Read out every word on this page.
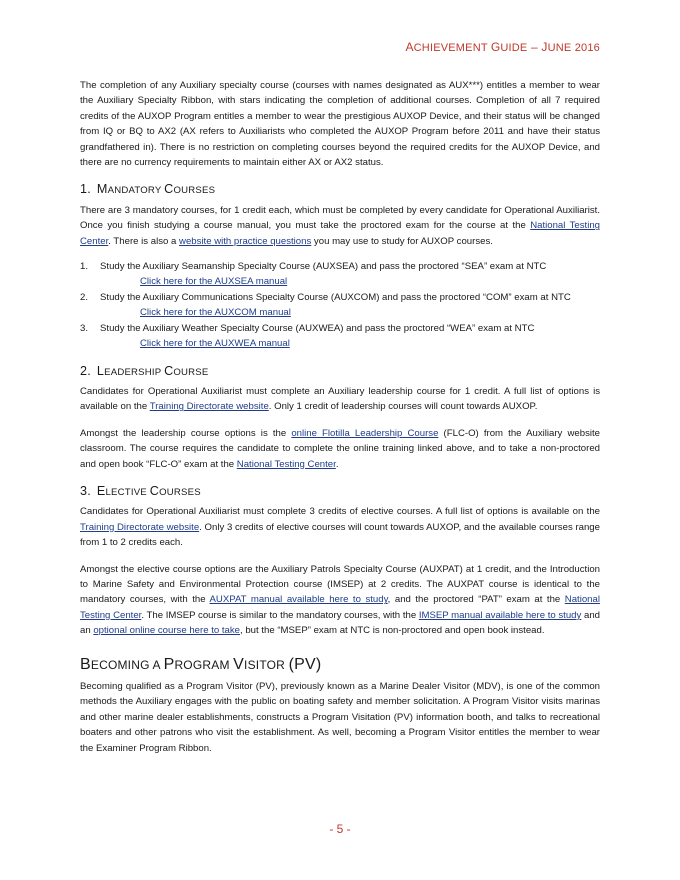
ACHIEVEMENT GUIDE – JUNE 2016

The completion of any Auxiliary specialty course (courses with names designated as AUX***) entitles a member to wear the Auxiliary Specialty Ribbon, with stars indicating the completion of additional courses. Completion of all 7 required credits of the AUXOP Program entitles a member to wear the prestigious AUXOP Device, and their status will be changed from IQ or BQ to AX2 (AX refers to Auxiliarists who completed the AUXOP Program before 2011 and have their status grandfathered in). There is no restriction on completing courses beyond the required credits for the AUXOP Device, and there are no currency requirements to maintain either AX or AX2 status.

1. MANDATORY COURSES

There are 3 mandatory courses, for 1 credit each, which must be completed by every candidate for Operational Auxiliarist. Once you finish studying a course manual, you must take the proctored exam for the course at the National Testing Center. There is also a website with practice questions you may use to study for AUXOP courses.

1.	Study the Auxiliary Seamanship Specialty Course (AUXSEA) and pass the proctored “SEA” exam at NTC
Click here for the AUXSEA manual
2.	Study the Auxiliary Communications Specialty Course (AUXCOM) and pass the proctored “COM” exam at NTC
Click here for the AUXCOM manual
3.	Study the Auxiliary Weather Specialty Course (AUXWEA) and pass the proctored “WEA” exam at NTC
Click here for the AUXWEA manual
2. LEADERSHIP COURSE

Candidates for Operational Auxiliarist must complete an Auxiliary leadership course for 1 credit. A full list of options is available on the Training Directorate website. Only 1 credit of leadership courses will count towards AUXOP.

Amongst the leadership course options is the online Flotilla Leadership Course (FLC-O) from the Auxiliary website classroom. The course requires the candidate to complete the online training linked above, and to take a non-proctored and open book “FLC-O” exam at the National Testing Center.

3. ELECTIVE COURSES

Candidates for Operational Auxiliarist must complete 3 credits of elective courses. A full list of options is available on the Training Directorate website. Only 3 credits of elective courses will count towards AUXOP, and the available courses range from 1 to 2 credits each.

Amongst the elective course options are the Auxiliary Patrols Specialty Course (AUXPAT) at 1 credit, and the Introduction to Marine Safety and Environmental Protection course (IMSEP) at 2 credits. The AUXPAT course is identical to the mandatory courses, with the AUXPAT manual available here to study, and the proctored “PAT” exam at the National Testing Center. The IMSEP course is similar to the mandatory courses, with the IMSEP manual available here to study and an optional online course here to take, but the “MSEP” exam at NTC is non-proctored and open book instead.

BECOMING A PROGRAM VISITOR (PV)

Becoming qualified as a Program Visitor (PV), previously known as a Marine Dealer Visitor (MDV), is one of the common methods the Auxiliary engages with the public on boating safety and member solicitation. A Program Visitor visits marinas and other marine dealer establishments, constructs a Program Visitation (PV) information booth, and talks to recreational boaters and other patrons who visit the establishment. As well, becoming a Program Visitor entitles the member to wear the Examiner Program Ribbon.

- 5 -
